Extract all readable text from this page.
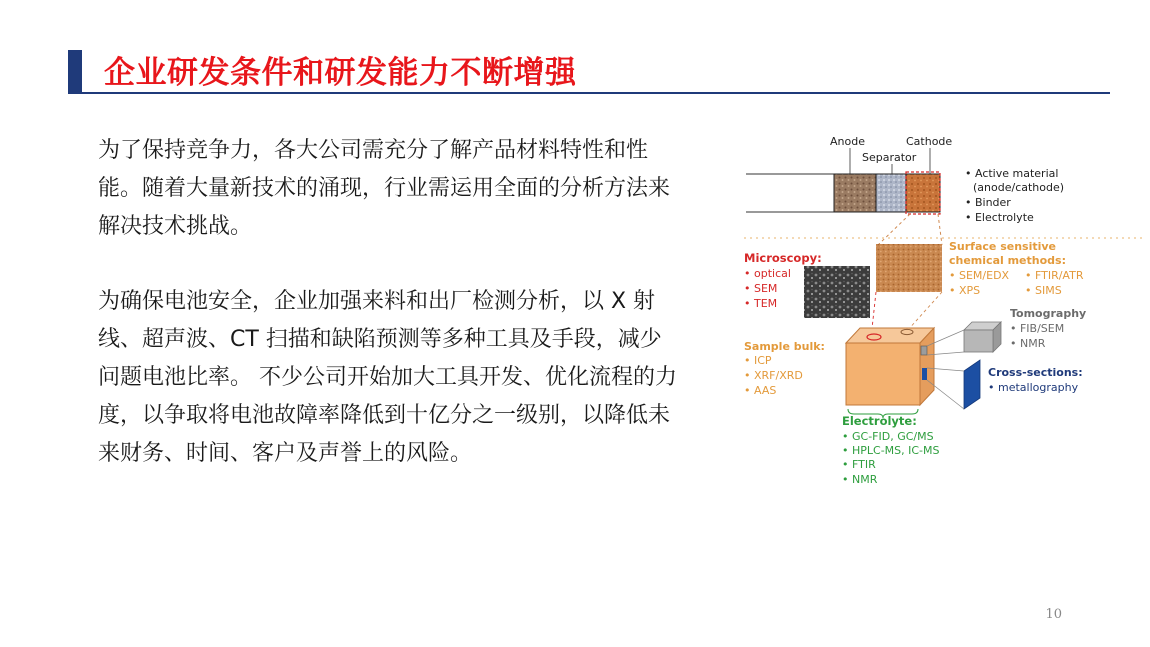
企业研发条件和研发能力不断增强

为了保持竞争力，各大公司需充分了解产品材料特性和性能。随着大量新技术的涌现，行业需运用全面的分析方法来解决技术挑战。

为确保电池安全，企业加强来料和出厂检测分析，以 X 射线、超声波、CT 扫描和缺陷预测等多种工具及手段，减少问题电池比率。 不少公司开始加大工具开发、优化流程的力度，以争取将电池故障率降低到十亿分之一级别，以降低未来财务、时间、客户及声誉上的风险。

Anode	Cathode
Separator
• Active material
(anode/cathode)
• Binder
• Electrolyte
Microscopy:
• optical
• SEM
• TEM
Surface sensitive
chemical methods:
• SEM/EDX • FTIR/ATR
• XPS	• SIMS
Tomography
• FIB/SEM
• NMR
Cross-sections:
• metallography
Sample bulk:
• ICP
• XRF/XRD
• AAS
Electrolyte:
• GC-FID, GC/MS
• HPLC-MS, IC-MS
• FTIR
• NMR
10
